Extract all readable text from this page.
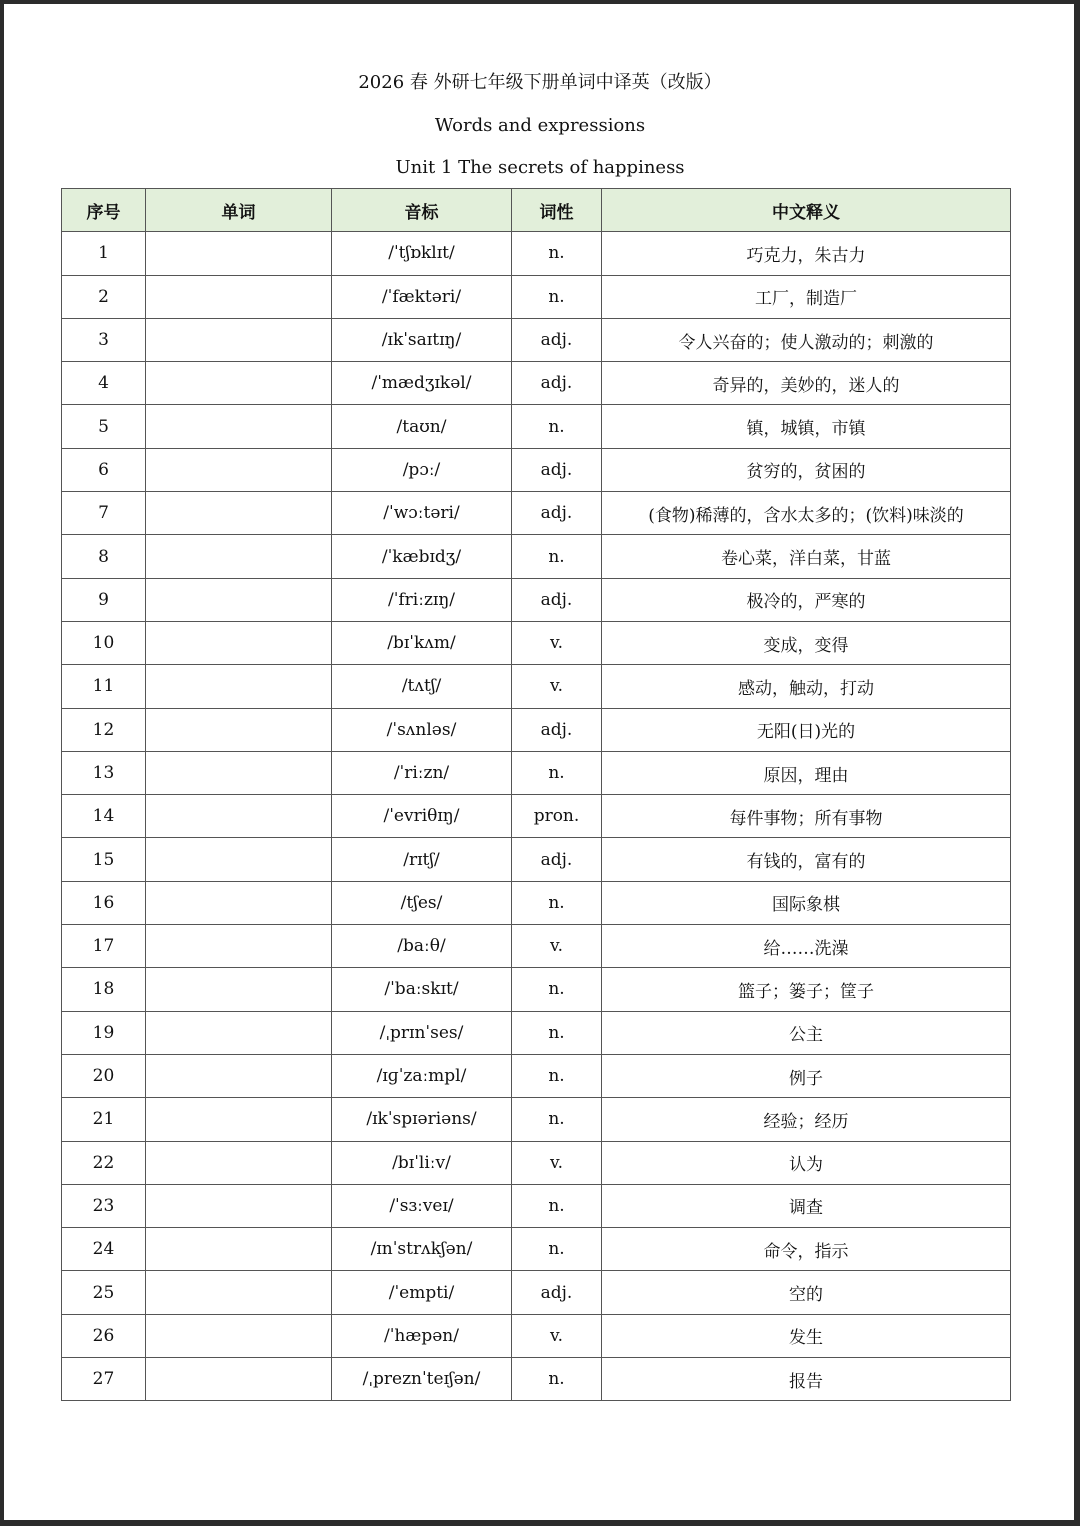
2026 春 外研七年级下册单词中译英（改版）
Words and expressions
Unit 1 The secrets of happiness
序号	单词	音标	词性	中文释义
1		/ˈtʃɒklɪt/	n.	巧克力，朱古力
2		/ˈfæktəri/	n.	工厂，制造厂
3		/ɪkˈsaɪtɪŋ/	adj.	令人兴奋的；使人激动的；刺激的
4		/ˈmædʒɪkəl/	adj.	奇异的，美妙的，迷人的
5		/taʊn/	n.	镇，城镇，市镇
6		/pɔː/	adj.	贫穷的，贫困的
7		/ˈwɔːtəri/	adj.	(食物)稀薄的，含水太多的；(饮料)味淡的
8		/ˈkæbɪdʒ/	n.	卷心菜，洋白菜，甘蓝
9		/ˈfriːzɪŋ/	adj.	极冷的，严寒的
10		/bɪˈkʌm/	v.	变成，变得
11		/tʌtʃ/	v.	感动，触动，打动
12		/ˈsʌnləs/	adj.	无阳(日)光的
13		/ˈriːzn/	n.	原因，理由
14		/ˈevriθɪŋ/	pron.	每件事物；所有事物
15		/rɪtʃ/	adj.	有钱的，富有的
16		/tʃes/	n.	国际象棋
17		/baːθ/	v.	给……洗澡
18		/ˈbaːskɪt/	n.	篮子；篓子；筐子
19		/ˌprɪnˈses/	n.	公主
20		/ɪɡˈzaːmpl/	n.	例子
21		/ɪkˈspɪəriəns/	n.	经验；经历
22		/bɪˈliːv/	v.	认为
23		/ˈsɜːveɪ/	n.	调查
24		/ɪnˈstrʌkʃən/	n.	命令，指示
25		/ˈempti/	adj.	空的
26		/ˈhæpən/	v.	发生
27		/ˌpreznˈteɪʃən/	n.	报告
